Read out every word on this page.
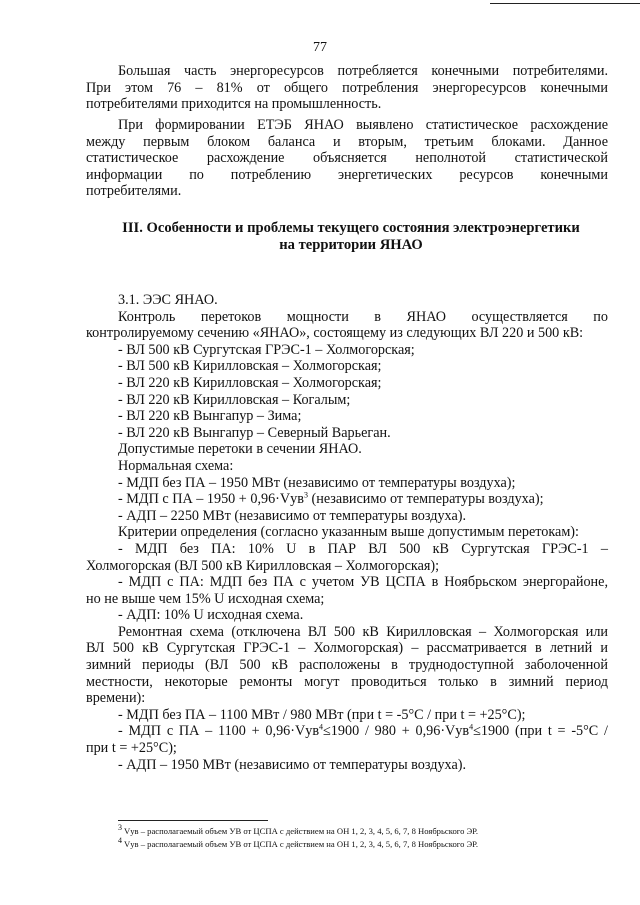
77

Большая часть энергоресурсов потребляется конечными потребителями.

При этом 76 – 81% от общего потребления энергоресурсов конечными

потребителями приходится на промышленность.

При формировании ЕТЭБ ЯНАО выявлено статистическое расхождение

между первым блоком баланса и вторым, третьим блоками. Данное

статистическое расхождение объясняется неполнотой статистической

информации по потреблению энергетических ресурсов конечными

потребителями.

III. Особенности и проблемы текущего состояния электроэнергетики
на территории ЯНАО

3.1. ЭЭС ЯНАО.

Контроль перетоков мощности в ЯНАО осуществляется по

контролируемому сечению «ЯНАО», состоящему из следующих ВЛ 220 и 500 кВ:

- ВЛ 500 кВ Сургутская ГРЭС-1 – Холмогорская;

- ВЛ 500 кВ Кирилловская – Холмогорская;

- ВЛ 220 кВ Кирилловская – Холмогорская;

- ВЛ 220 кВ Кирилловская – Когалым;

- ВЛ 220 кВ Вынгапур – Зима;

- ВЛ 220 кВ Вынгапур – Северный Варьеган.

Допустимые перетоки в сечении ЯНАО.

Нормальная схема:

- МДП без ПА – 1950 МВт (независимо от температуры воздуха);

- МДП с ПА – 1950 + 0,96·Vув$^3$ (независимо от температуры воздуха);

- АДП – 2250 МВт (независимо от температуры воздуха).

Критерии определения (согласно указанным выше допустимым перетокам):

- МДП без ПА: 10% U в ПАР ВЛ 500 кВ Сургутская ГРЭС-1 –

Холмогорская (ВЛ 500 кВ Кирилловская – Холмогорская);

- МДП с ПА: МДП без ПА с учетом УВ ЦСПА в Ноябрьском энергорайоне,

но не выше чем 15% U исходная схема;

- АДП: 10% U исходная схема.

Ремонтная схема (отключена ВЛ 500 кВ Кирилловская – Холмогорская или

ВЛ 500 кВ Сургутская ГРЭС-1 – Холмогорская) – рассматривается в летний и

зимний периоды (ВЛ 500 кВ расположены в труднодоступной заболоченной

местности, некоторые ремонты могут проводиться только в зимний период

времени):

- МДП без ПА – 1100 МВт / 980 МВт (при t = -5°С / при t = +25°С);

- МДП с ПА – 1100 + 0,96·Vув$^4$≤1900 / 980 + 0,96·Vув$^4$≤1900 (при t = -5°С /

при t = +25°С);

- АДП – 1950 МВт (независимо от температуры воздуха).

$^3$ Vув – располагаемый объем УВ от ЦСПА с действием на ОН 1, 2, 3, 4, 5, 6, 7, 8 Ноябрьского ЭР.
$^4$ Vув – располагаемый объем УВ от ЦСПА с действием на ОН 1, 2, 3, 4, 5, 6, 7, 8 Ноябрьского ЭР.
